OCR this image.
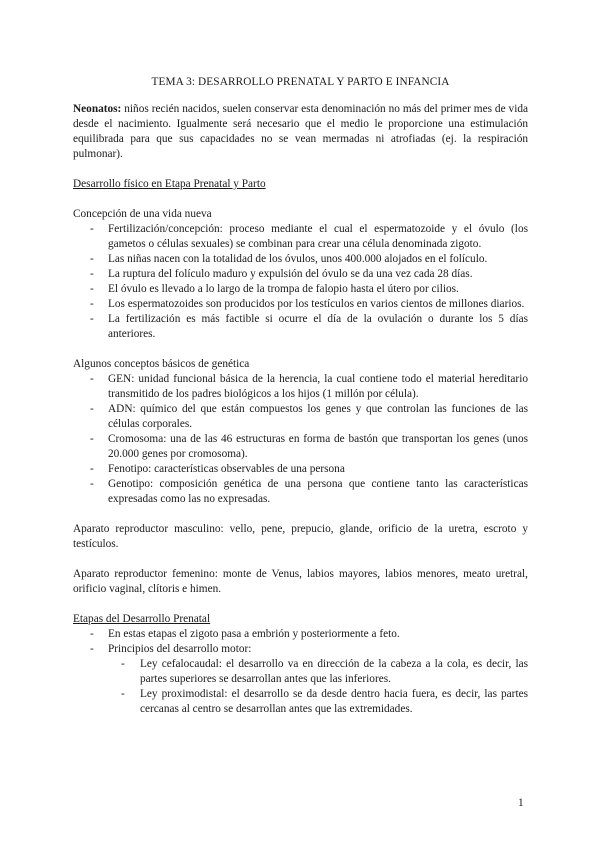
TEMA 3: DESARROLLO PRENATAL Y PARTO E INFANCIA

Neonatos: niños recién nacidos, suelen conservar esta denominación no más del primer mes de vida desde el nacimiento. Igualmente será necesario que el medio le proporcione una estimulación equilibrada para que sus capacidades no se vean mermadas ni atrofiadas (ej. la respiración pulmonar).

Desarrollo físico en Etapa Prenatal y Parto

Concepción de una vida nueva

- Fertilización/concepción: proceso mediante el cual el espermatozoide y el óvulo (los gametos o células sexuales) se combinan para crear una célula denominada zigoto.
- Las niñas nacen con la totalidad de los óvulos, unos 400.000 alojados en el folículo.
- La ruptura del folículo maduro y expulsión del óvulo se da una vez cada 28 días.
- El óvulo es llevado a lo largo de la trompa de falopio hasta el útero por cilios.
- Los espermatozoides son producidos por los testículos en varios cientos de millones diarios.
- La fertilización es más factible si ocurre el día de la ovulación o durante los 5 días anteriores.

Algunos conceptos básicos de genética

- GEN: unidad funcional básica de la herencia, la cual contiene todo el material hereditario transmitido de los padres biológicos a los hijos (1 millón por célula).
- ADN: químico del que están compuestos los genes y que controlan las funciones de las células corporales.
- Cromosoma: una de las 46 estructuras en forma de bastón que transportan los genes (unos 20.000 genes por cromosoma).
- Fenotipo: características observables de una persona
- Genotipo: composición genética de una persona que contiene tanto las características expresadas como las no expresadas.

Aparato reproductor masculino: vello, pene, prepucio, glande, orificio de la uretra, escroto y testículos.

Aparato reproductor femenino: monte de Venus, labios mayores, labios menores, meato uretral, orificio vaginal, clítoris e himen.

Etapas del Desarrollo Prenatal

- En estas etapas el zigoto pasa a embrión y posteriormente a feto.
- Principios del desarrollo motor:
- Ley cefalocaudal: el desarrollo va en dirección de la cabeza a la cola, es decir, las partes superiores se desarrollan antes que las inferiores.
- Ley proximodistal: el desarrollo se da desde dentro hacia fuera, es decir, las partes cercanas al centro se desarrollan antes que las extremidades.
1
